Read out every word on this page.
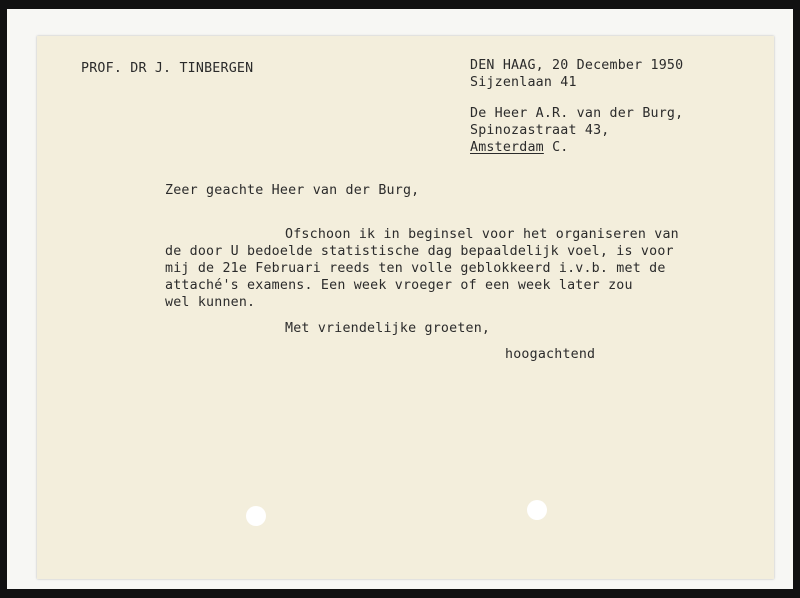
PROF. DR J. TINBERGEN	DEN HAAG, 20 December 1950
Sijzenlaan 41
De Heer A.R. van der Burg,
Spinozastraat 43,
Amsterdam C.
Zeer geachte Heer van der Burg,
Ofschoon ik in beginsel voor het organiseren van
de door U bedoelde statistische dag bepaaldelijk voel, is voor
mij de 21e Februari reeds ten volle geblokkeerd i.v.b. met de
attaché's examens. Een week vroeger of een week later zou
wel kunnen.
Met vriendelijke groeten,
hoogachtend
